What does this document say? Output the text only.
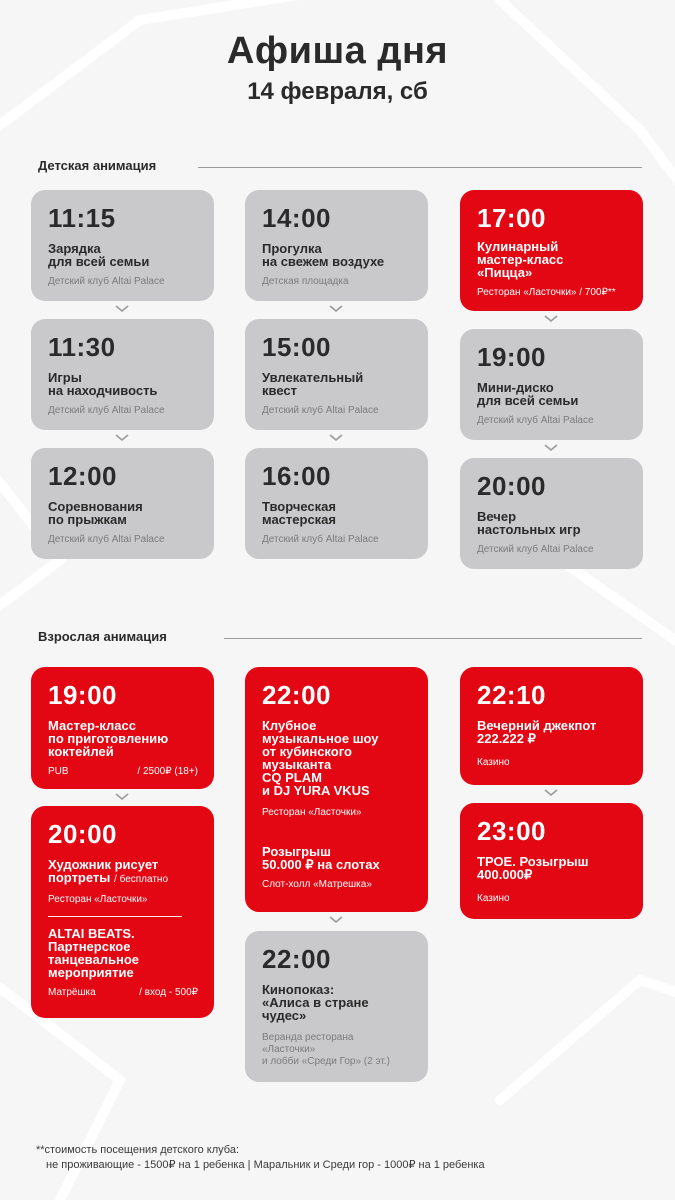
Афиша дня
14 февраля, сб
Детская анимация
11:15
Зарядка
для всей семьи
Детский клуб Altai Palace
11:30
Игры
на находчивость
Детский клуб Altai Palace
12:00
Соревнования
по прыжкам
Детский клуб Altai Palace
14:00
Прогулка
на свежем воздухе
Детская площадка
15:00
Увлекательный
квест
Детский клуб Altai Palace
16:00
Творческая
мастерская
Детский клуб Altai Palace
17:00
Кулинарный
мастер-класс
«Пицца»
Ресторан «Ласточки» / 700₽**
19:00
Мини-диско
для всей семьи
Детский клуб Altai Palace
20:00
Вечер
настольных игр
Детский клуб Altai Palace
Взрослая анимация
19:00
Мастер-класс
по приготовлению
коктейлей
PUB	/ 2500₽ (18+)
20:00
Художник рисует
портреты / бесплатно
Ресторан «Ласточки»
ALTAI BEATS.
Партнерское
танцевальное
мероприятие
Матрёшка	/ вход - 500₽
22:00
Клубное
музыкальное шоу
от кубинского
музыканта
CQ PLAM
и DJ YURA VKUS
Ресторан «Ласточки»
Розыгрыш
50.000 ₽ на слотах
Слот-холл «Матрешка»
22:00
Кинопоказ:
«Алиса в стране
чудес»
Веранда ресторана
«Ласточки»
и лобби «Среди Гор» (2 эт.)
22:10
Вечерний джекпот
222.222 ₽
Казино
23:00
ТРОЕ. Розыгрыш
400.000₽
Казино
**стоимость посещения детского клуба:
не проживающие - 1500₽ на 1 ребенка | Маральник и Среди гор - 1000₽ на 1 ребенка
